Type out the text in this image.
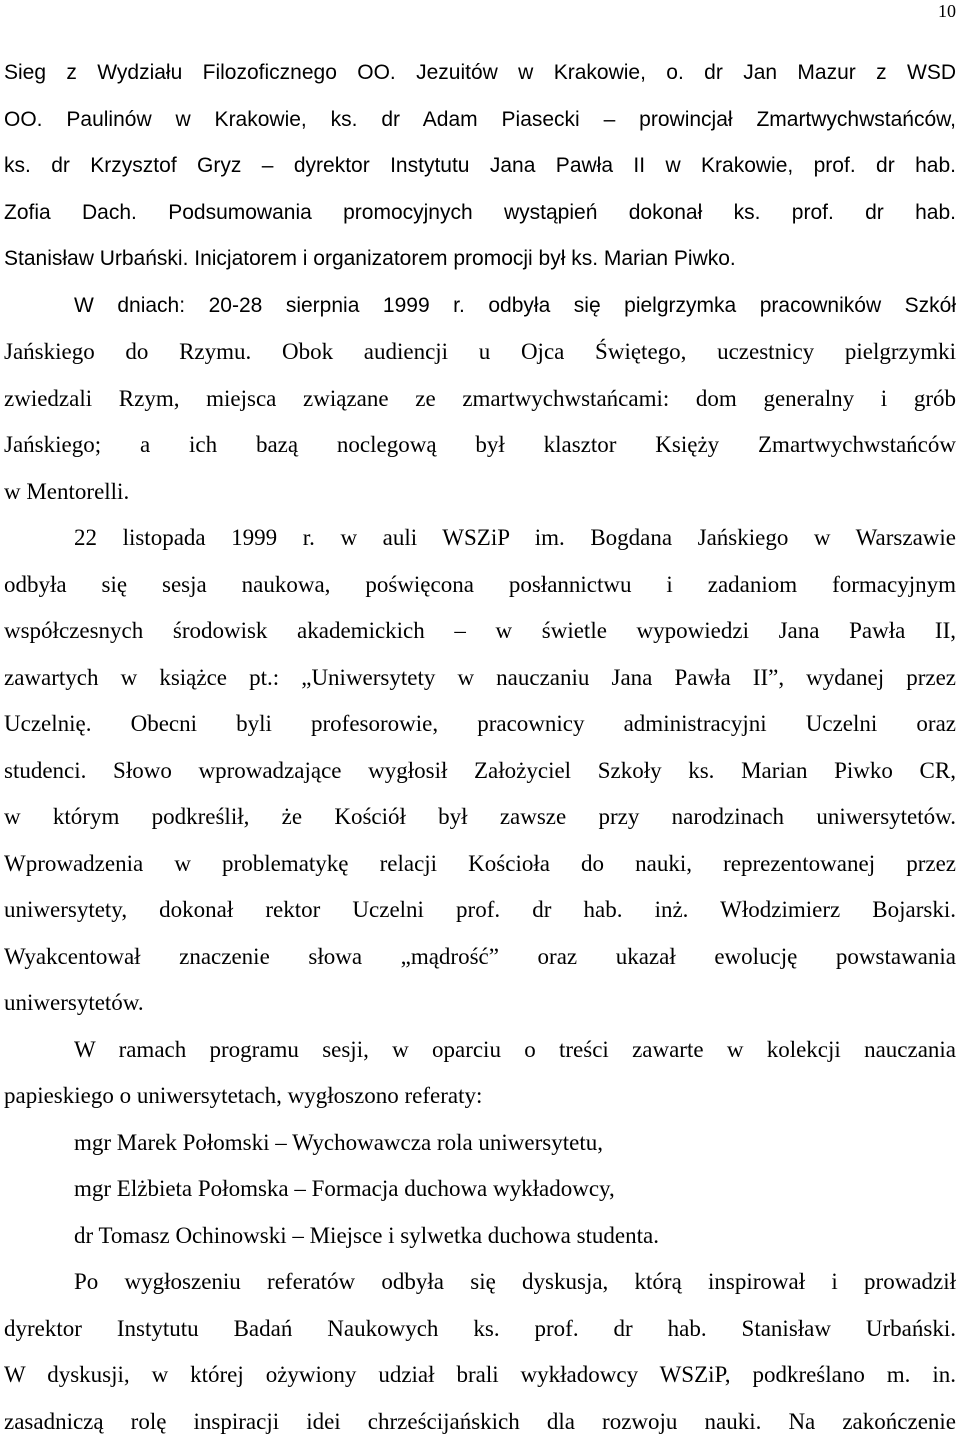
10
Sieg z Wydziału Filozoficznego OO. Jezuitów w Krakowie, o. dr Jan Mazur z WSD
OO. Paulinów w Krakowie, ks. dr Adam Piasecki – prowincjał Zmartwychwstańców,
ks. dr Krzysztof Gryz – dyrektor Instytutu Jana Pawła II w Krakowie, prof. dr hab.
Zofia Dach. Podsumowania promocyjnych wystąpień dokonał ks. prof. dr hab.
Stanisław Urbański. Inicjatorem i organizatorem promocji był ks. Marian Piwko.
W dniach: 20-28 sierpnia 1999 r. odbyła się pielgrzymka pracowników Szkół
Jańskiego do Rzymu. Obok audiencji u Ojca Świętego, uczestnicy pielgrzymki
zwiedzali Rzym, miejsca związane ze zmartwychwstańcami: dom generalny i grób
Jańskiego; a ich bazą noclegową był klasztor Księży Zmartwychwstańców
w Mentorelli.
22 listopada 1999 r. w auli WSZiP im. Bogdana Jańskiego w Warszawie
odbyła się sesja naukowa, poświęcona posłannictwu i zadaniom formacyjnym
współczesnych środowisk akademickich – w świetle wypowiedzi Jana Pawła II,
zawartych w książce pt.: „Uniwersytety w nauczaniu Jana Pawła II”, wydanej przez
Uczelnię. Obecni byli profesorowie, pracownicy administracyjni Uczelni oraz
studenci. Słowo wprowadzające wygłosił Założyciel Szkoły ks. Marian Piwko CR,
w którym podkreślił, że Kościół był zawsze przy narodzinach uniwersytetów.
Wprowadzenia w problematykę relacji Kościoła do nauki, reprezentowanej przez
uniwersytety, dokonał rektor Uczelni prof. dr hab. inż. Włodzimierz Bojarski.
Wyakcentował znaczenie słowa „mądrość” oraz ukazał ewolucję powstawania
uniwersytetów.
W ramach programu sesji, w oparciu o treści zawarte w kolekcji nauczania
papieskiego o uniwersytetach, wygłoszono referaty:
mgr Marek Połomski – Wychowawcza rola uniwersytetu,
mgr Elżbieta Połomska – Formacja duchowa wykładowcy,
dr Tomasz Ochinowski – Miejsce i sylwetka duchowa studenta.
Po wygłoszeniu referatów odbyła się dyskusja, którą inspirował i prowadził
dyrektor Instytutu Badań Naukowych ks. prof. dr hab. Stanisław Urbański.
W dyskusji, w której ożywiony udział brali wykładowcy WSZiP, podkreślano m. in.
zasadniczą rolę inspiracji idei chrześcijańskich dla rozwoju nauki. Na zakończenie
